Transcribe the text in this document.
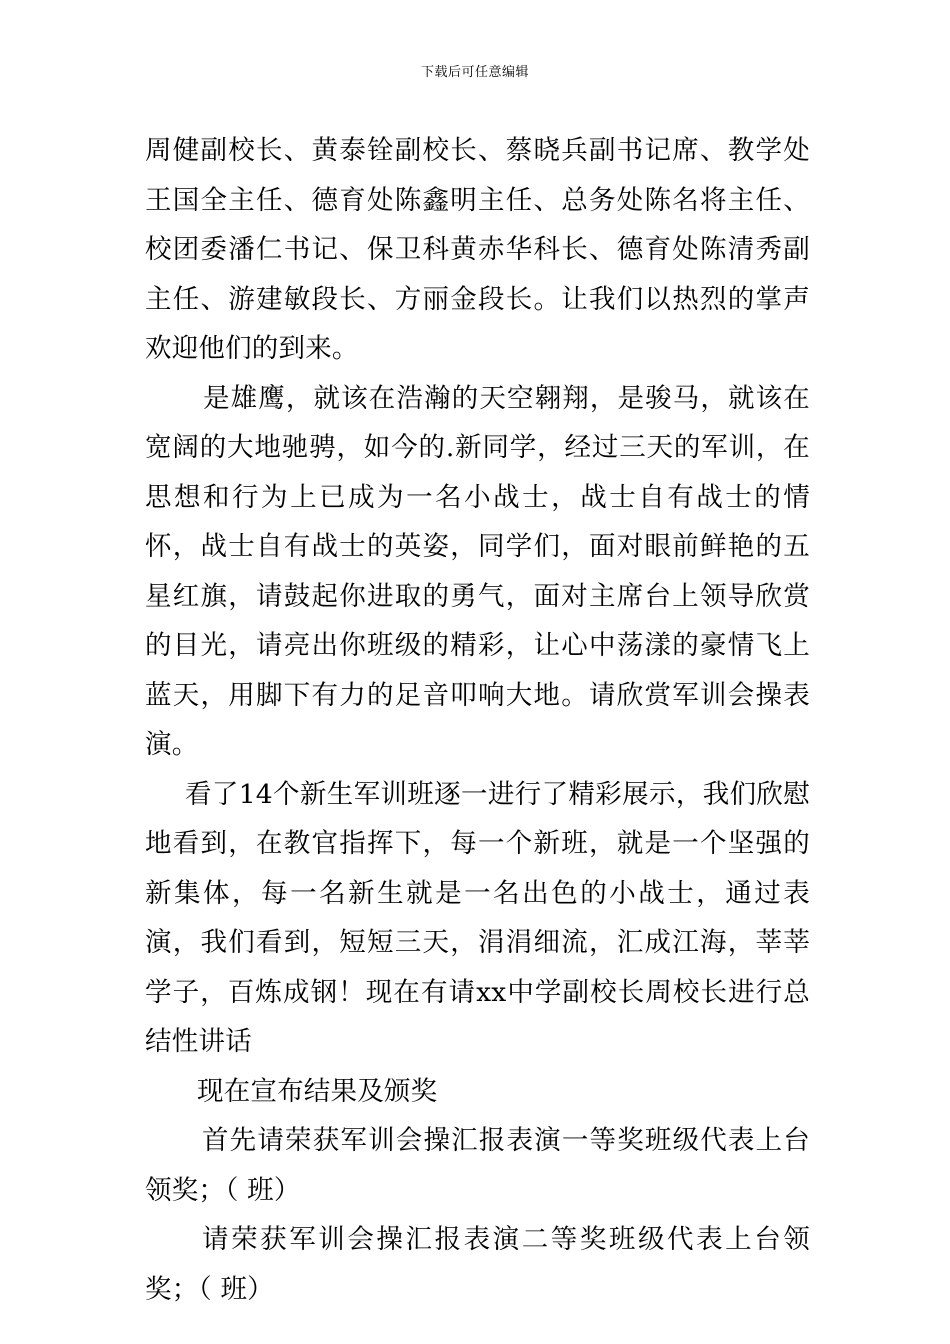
下载后可任意编辑

周健副校长、黄泰铨副校长、蔡晓兵副书记席、教学处王国全主任、德育处陈鑫明主任、总务处陈名将主任、校团委潘仁书记、保卫科黄赤华科长、德育处陈清秀副主任、游建敏段长、方丽金段长。让我们以热烈的掌声欢迎他们的到来。

是雄鹰，就该在浩瀚的天空翱翔，是骏马，就该在宽阔的大地驰骋，如今的.新同学，经过三天的军训，在思想和行为上已成为一名小战士，战士自有战士的情怀，战士自有战士的英姿，同学们，面对眼前鲜艳的五星红旗，请鼓起你进取的勇气，面对主席台上领导欣赏的目光，请亮出你班级的精彩，让心中荡漾的豪情飞上蓝天，用脚下有力的足音叩响大地。请欣赏军训会操表演。

看了14个新生军训班逐一进行了精彩展示，我们欣慰地看到，在教官指挥下，每一个新班，就是一个坚强的新集体，每一名新生就是一名出色的小战士，通过表演，我们看到，短短三天，涓涓细流，汇成江海，莘莘学子，百炼成钢！现在有请xx中学副校长周校长进行总结性讲话

现在宣布结果及颁奖

首先请荣获军训会操汇报表演一等奖班级代表上台领奖；（ 班）

请荣获军训会操汇报表演二等奖班级代表上台领奖；（ 班）
